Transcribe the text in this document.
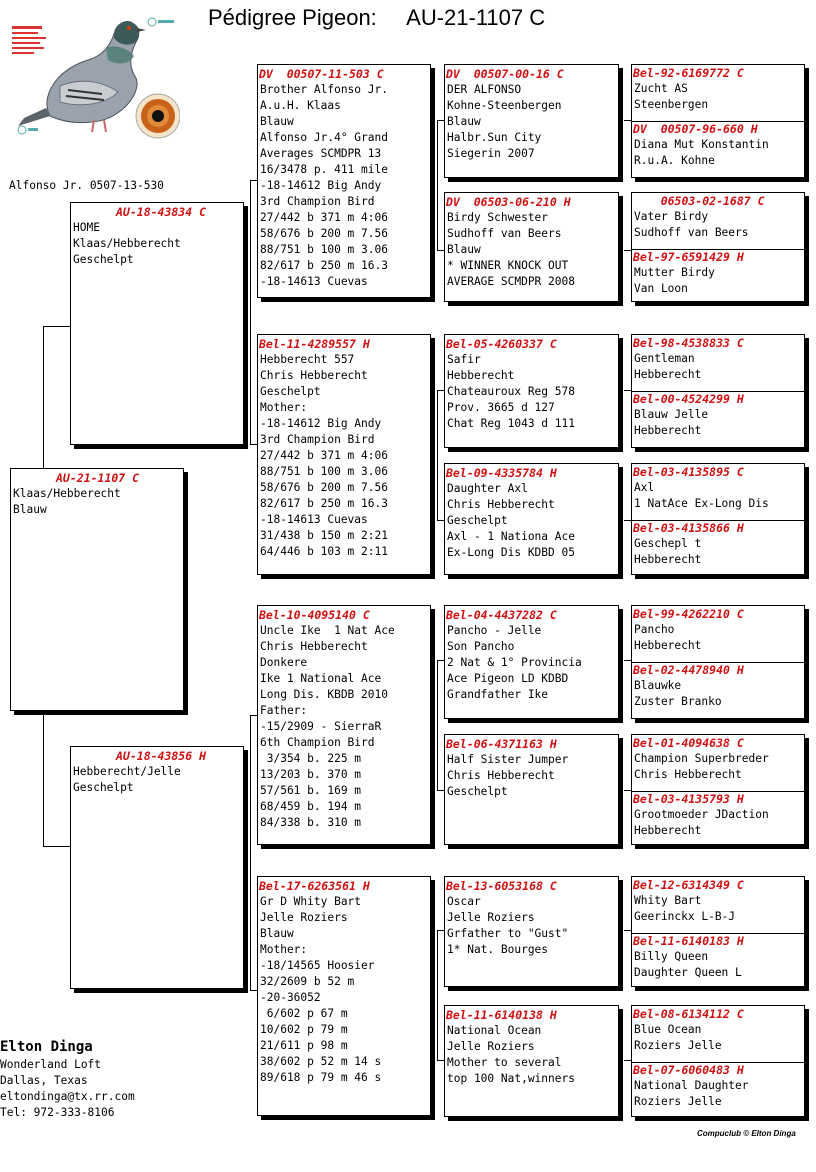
Pédigree Pigeon:     AU-21-1107 C
Alfonso Jr. 0507-13-530
AU-21-1107 C
Klaas/Hebberecht
Blauw
AU-18-43834 C
HOME
Klaas/Hebberecht
Geschelpt
AU-18-43856 H
Hebberecht/Jelle
Geschelpt
DV  00507-11-503 C
Brother Alfonso Jr.
A.u.H. Klaas
Blauw
Alfonso Jr.4° Grand
Averages SCMDPR 13
16/3478 p. 411 mile
-18-14612 Big Andy
3rd Champion Bird
27/442 b 371 m 4:06
58/676 b 200 m 7.56
88/751 b 100 m 3.06
82/617 b 250 m 16.3
-18-14613 Cuevas
Bel-11-4289557 H
Hebberecht 557
Chris Hebberecht
Geschelpt
Mother:
-18-14612 Big Andy
3rd Champion Bird
27/442 b 371 m 4:06
88/751 b 100 m 3.06
58/676 b 200 m 7.56
82/617 b 250 m 16.3
-18-14613 Cuevas
31/438 b 150 m 2:21
64/446 b 103 m 2:11
Bel-10-4095140 C
Uncle Ike  1 Nat Ace
Chris Hebberecht
Donkere
Ike 1 National Ace
Long Dis. KBDB 2010
Father:
-15/2909 - SierraR
6th Champion Bird
3/354 b. 225 m
13/203 b. 370 m
57/561 b. 169 m
68/459 b. 194 m
84/338 b. 310 m
Bel-17-6263561 H
Gr D Whity Bart
Jelle Roziers
Blauw
Mother:
-18/14565 Hoosier
32/2609 b 52 m
-20-36052
6/602 p 67 m
10/602 p 79 m
21/611 p 98 m
38/602 p 52 m 14 s
89/618 p 79 m 46 s
DV  00507-00-16 C
DER ALFONSO
Kohne-Steenbergen
Blauw
Halbr.Sun City
Siegerin 2007
DV  06503-06-210 H
Birdy Schwester
Sudhoff van Beers
Blauw
* WINNER KNOCK OUT
AVERAGE SCMDPR 2008
Bel-05-4260337 C
Safir
Hebberecht
Chateauroux Reg 578
Prov. 3665 d 127
Chat Reg 1043 d 111
Bel-09-4335784 H
Daughter Axl
Chris Hebberecht
Geschelpt
Axl - 1 Nationa Ace
Ex-Long Dis KDBD 05
Bel-04-4437282 C
Pancho - Jelle
Son Pancho
2 Nat & 1° Provincia
Ace Pigeon LD KDBD
Grandfather Ike
Bel-06-4371163 H
Half Sister Jumper
Chris Hebberecht
Geschelpt
Bel-13-6053168 C
Oscar
Jelle Roziers
Grfather to "Gust"
1* Nat. Bourges
Bel-11-6140138 H
National Ocean
Jelle Roziers
Mother to several
top 100 Nat,winners
Bel-92-6169772 C
Zucht AS
Steenbergen
DV  00507-96-660 H
Diana Mut Konstantin
R.u.A. Kohne
06503-02-1687 C
Vater Birdy
Sudhoff van Beers
Bel-97-6591429 H
Mutter Birdy
Van Loon
Bel-98-4538833 C
Gentleman
Hebberecht
Bel-00-4524299 H
Blauw Jelle
Hebberecht
Bel-03-4135895 C
Axl
1 NatAce Ex-Long Dis
Bel-03-4135866 H
Geschepl t
Hebberecht
Bel-99-4262210 C
Pancho
Hebberecht
Bel-02-4478940 H
Blauwke
Zuster Branko
Bel-01-4094638 C
Champion Superbreder
Chris Hebberecht
Bel-03-4135793 H
Grootmoeder JDaction
Hebberecht
Bel-12-6314349 C
Whity Bart
Geerinckx L-B-J
Bel-11-6140183 H
Billy Queen
Daughter Queen L
Bel-08-6134112 C
Blue Ocean
Roziers Jelle
Bel-07-6060483 H
National Daughter
Roziers Jelle
Elton Dinga
Wonderland Loft
Dallas, Texas
eltondinga@tx.rr.com
Tel: 972-333-8106
Compuclub © Elton Dinga
